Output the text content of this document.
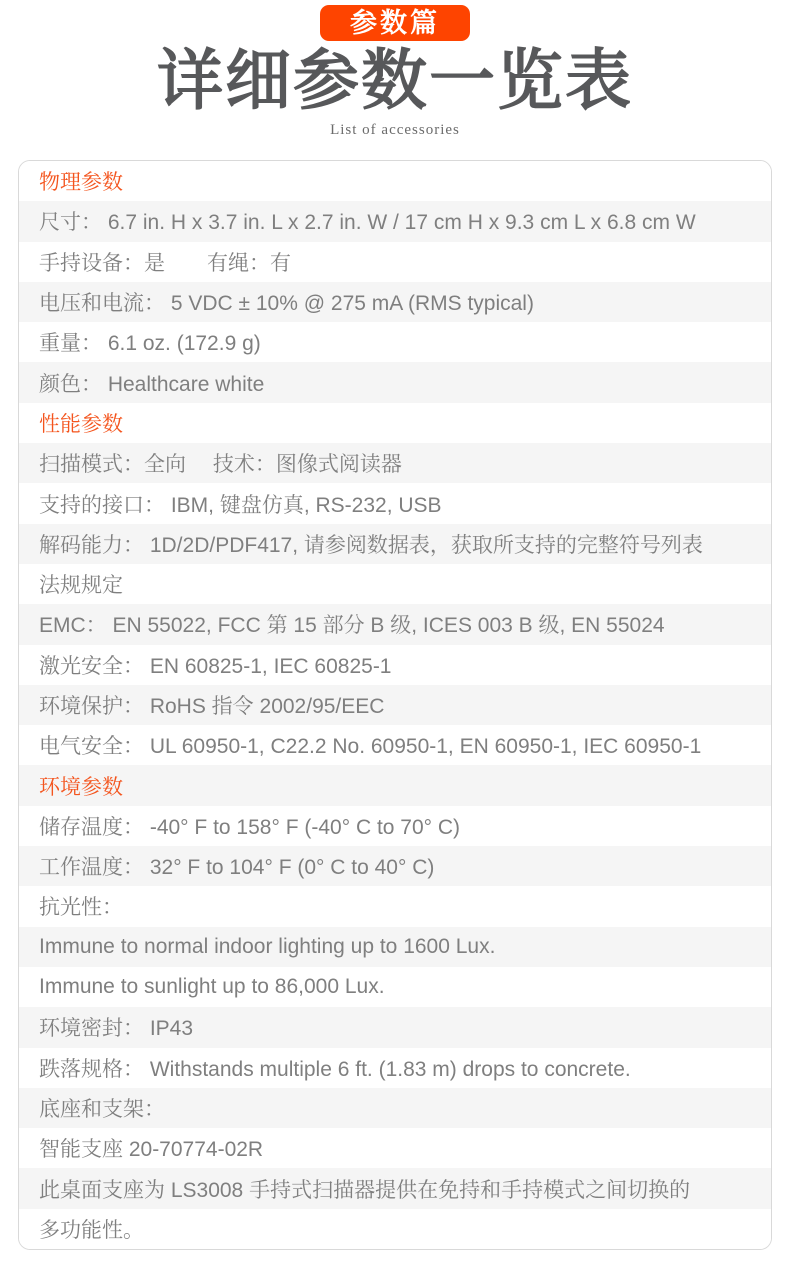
参数篇
详细参数一览表
List of accessories
物理参数
尺寸： 6.7 in. H x 3.7 in. L x 2.7 in. W / 17 cm H x 9.3 cm L x 6.8 cm W
手持设备：是　　有绳：有
电压和电流： 5 VDC ± 10% @ 275 mA (RMS typical)
重量： 6.1 oz. (172.9 g)
颜色： Healthcare white
性能参数
扫描模式：全向　 技术：图像式阅读器
支持的接口： IBM, 键盘仿真, RS-232, USB
解码能力： 1D/2D/PDF417, 请参阅数据表，获取所支持的完整符号列表
法规规定
EMC： EN 55022, FCC 第 15 部分 B 级, ICES 003 B 级, EN 55024
激光安全： EN 60825-1, IEC 60825-1
环境保护： RoHS 指令 2002/95/EEC
电气安全： UL 60950-1, C22.2 No. 60950-1, EN 60950-1, IEC 60950-1
环境参数
储存温度： -40° F to 158° F (-40° C to 70° C)
工作温度： 32° F to 104° F (0° C to 40° C)
抗光性：
Immune to normal indoor lighting up to 1600 Lux.
Immune to sunlight up to 86,000 Lux.
环境密封： IP43
跌落规格： Withstands multiple 6 ft. (1.83 m) drops to concrete.
底座和支架：
智能支座 20-70774-02R
此桌面支座为 LS3008 手持式扫描器提供在免持和手持模式之间切换的
多功能性。
